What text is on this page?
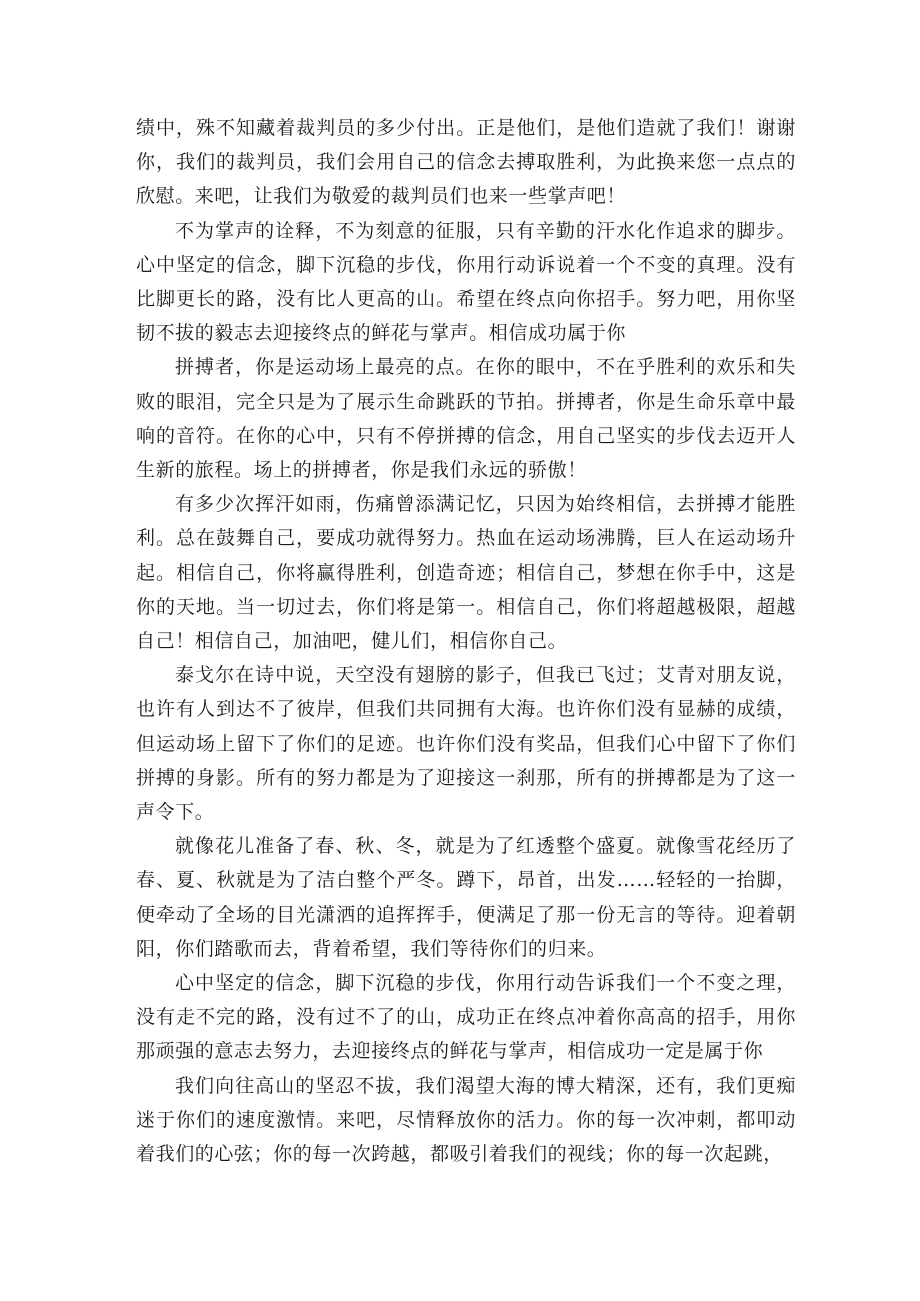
绩中，殊不知藏着裁判员的多少付出。正是他们，是他们造就了我们！谢谢你，我们的裁判员，我们会用自己的信念去搏取胜利，为此换来您一点点的欣慰。来吧，让我们为敬爱的裁判员们也来一些掌声吧！

不为掌声的诠释，不为刻意的征服，只有辛勤的汗水化作追求的脚步。心中坚定的信念，脚下沉稳的步伐，你用行动诉说着一个不变的真理。没有比脚更长的路，没有比人更高的山。希望在终点向你招手。努力吧，用你坚韧不拔的毅志去迎接终点的鲜花与掌声。相信成功属于你

拼搏者，你是运动场上最亮的点。在你的眼中，不在乎胜利的欢乐和失败的眼泪，完全只是为了展示生命跳跃的节拍。拼搏者，你是生命乐章中最响的音符。在你的心中，只有不停拼搏的信念，用自己坚实的步伐去迈开人生新的旅程。场上的拼搏者，你是我们永远的骄傲！

有多少次挥汗如雨，伤痛曾添满记忆，只因为始终相信，去拼搏才能胜利。总在鼓舞自己，要成功就得努力。热血在运动场沸腾，巨人在运动场升起。相信自己，你将赢得胜利，创造奇迹；相信自己，梦想在你手中，这是你的天地。当一切过去，你们将是第一。相信自己，你们将超越极限，超越自己！相信自己，加油吧，健儿们，相信你自己。

泰戈尔在诗中说，天空没有翅膀的影子，但我已飞过；艾青对朋友说，也许有人到达不了彼岸，但我们共同拥有大海。也许你们没有显赫的成绩，但运动场上留下了你们的足迹。也许你们没有奖品，但我们心中留下了你们拼搏的身影。所有的努力都是为了迎接这一刹那，所有的拼搏都是为了这一声令下。

就像花儿准备了春、秋、冬，就是为了红透整个盛夏。就像雪花经历了春、夏、秋就是为了洁白整个严冬。蹲下，昂首，出发……轻轻的一抬脚，便牵动了全场的目光潇洒的追挥挥手，便满足了那一份无言的等待。迎着朝阳，你们踏歌而去，背着希望，我们等待你们的归来。

心中坚定的信念，脚下沉稳的步伐，你用行动告诉我们一个不变之理，没有走不完的路，没有过不了的山，成功正在终点冲着你高高的招手，用你那顽强的意志去努力，去迎接终点的鲜花与掌声，相信成功一定是属于你

我们向往高山的坚忍不拔，我们渴望大海的博大精深，还有，我们更痴迷于你们的速度激情。来吧，尽情释放你的活力。你的每一次冲刺，都叩动着我们的心弦；你的每一次跨越，都吸引着我们的视线；你的每一次起跳，
